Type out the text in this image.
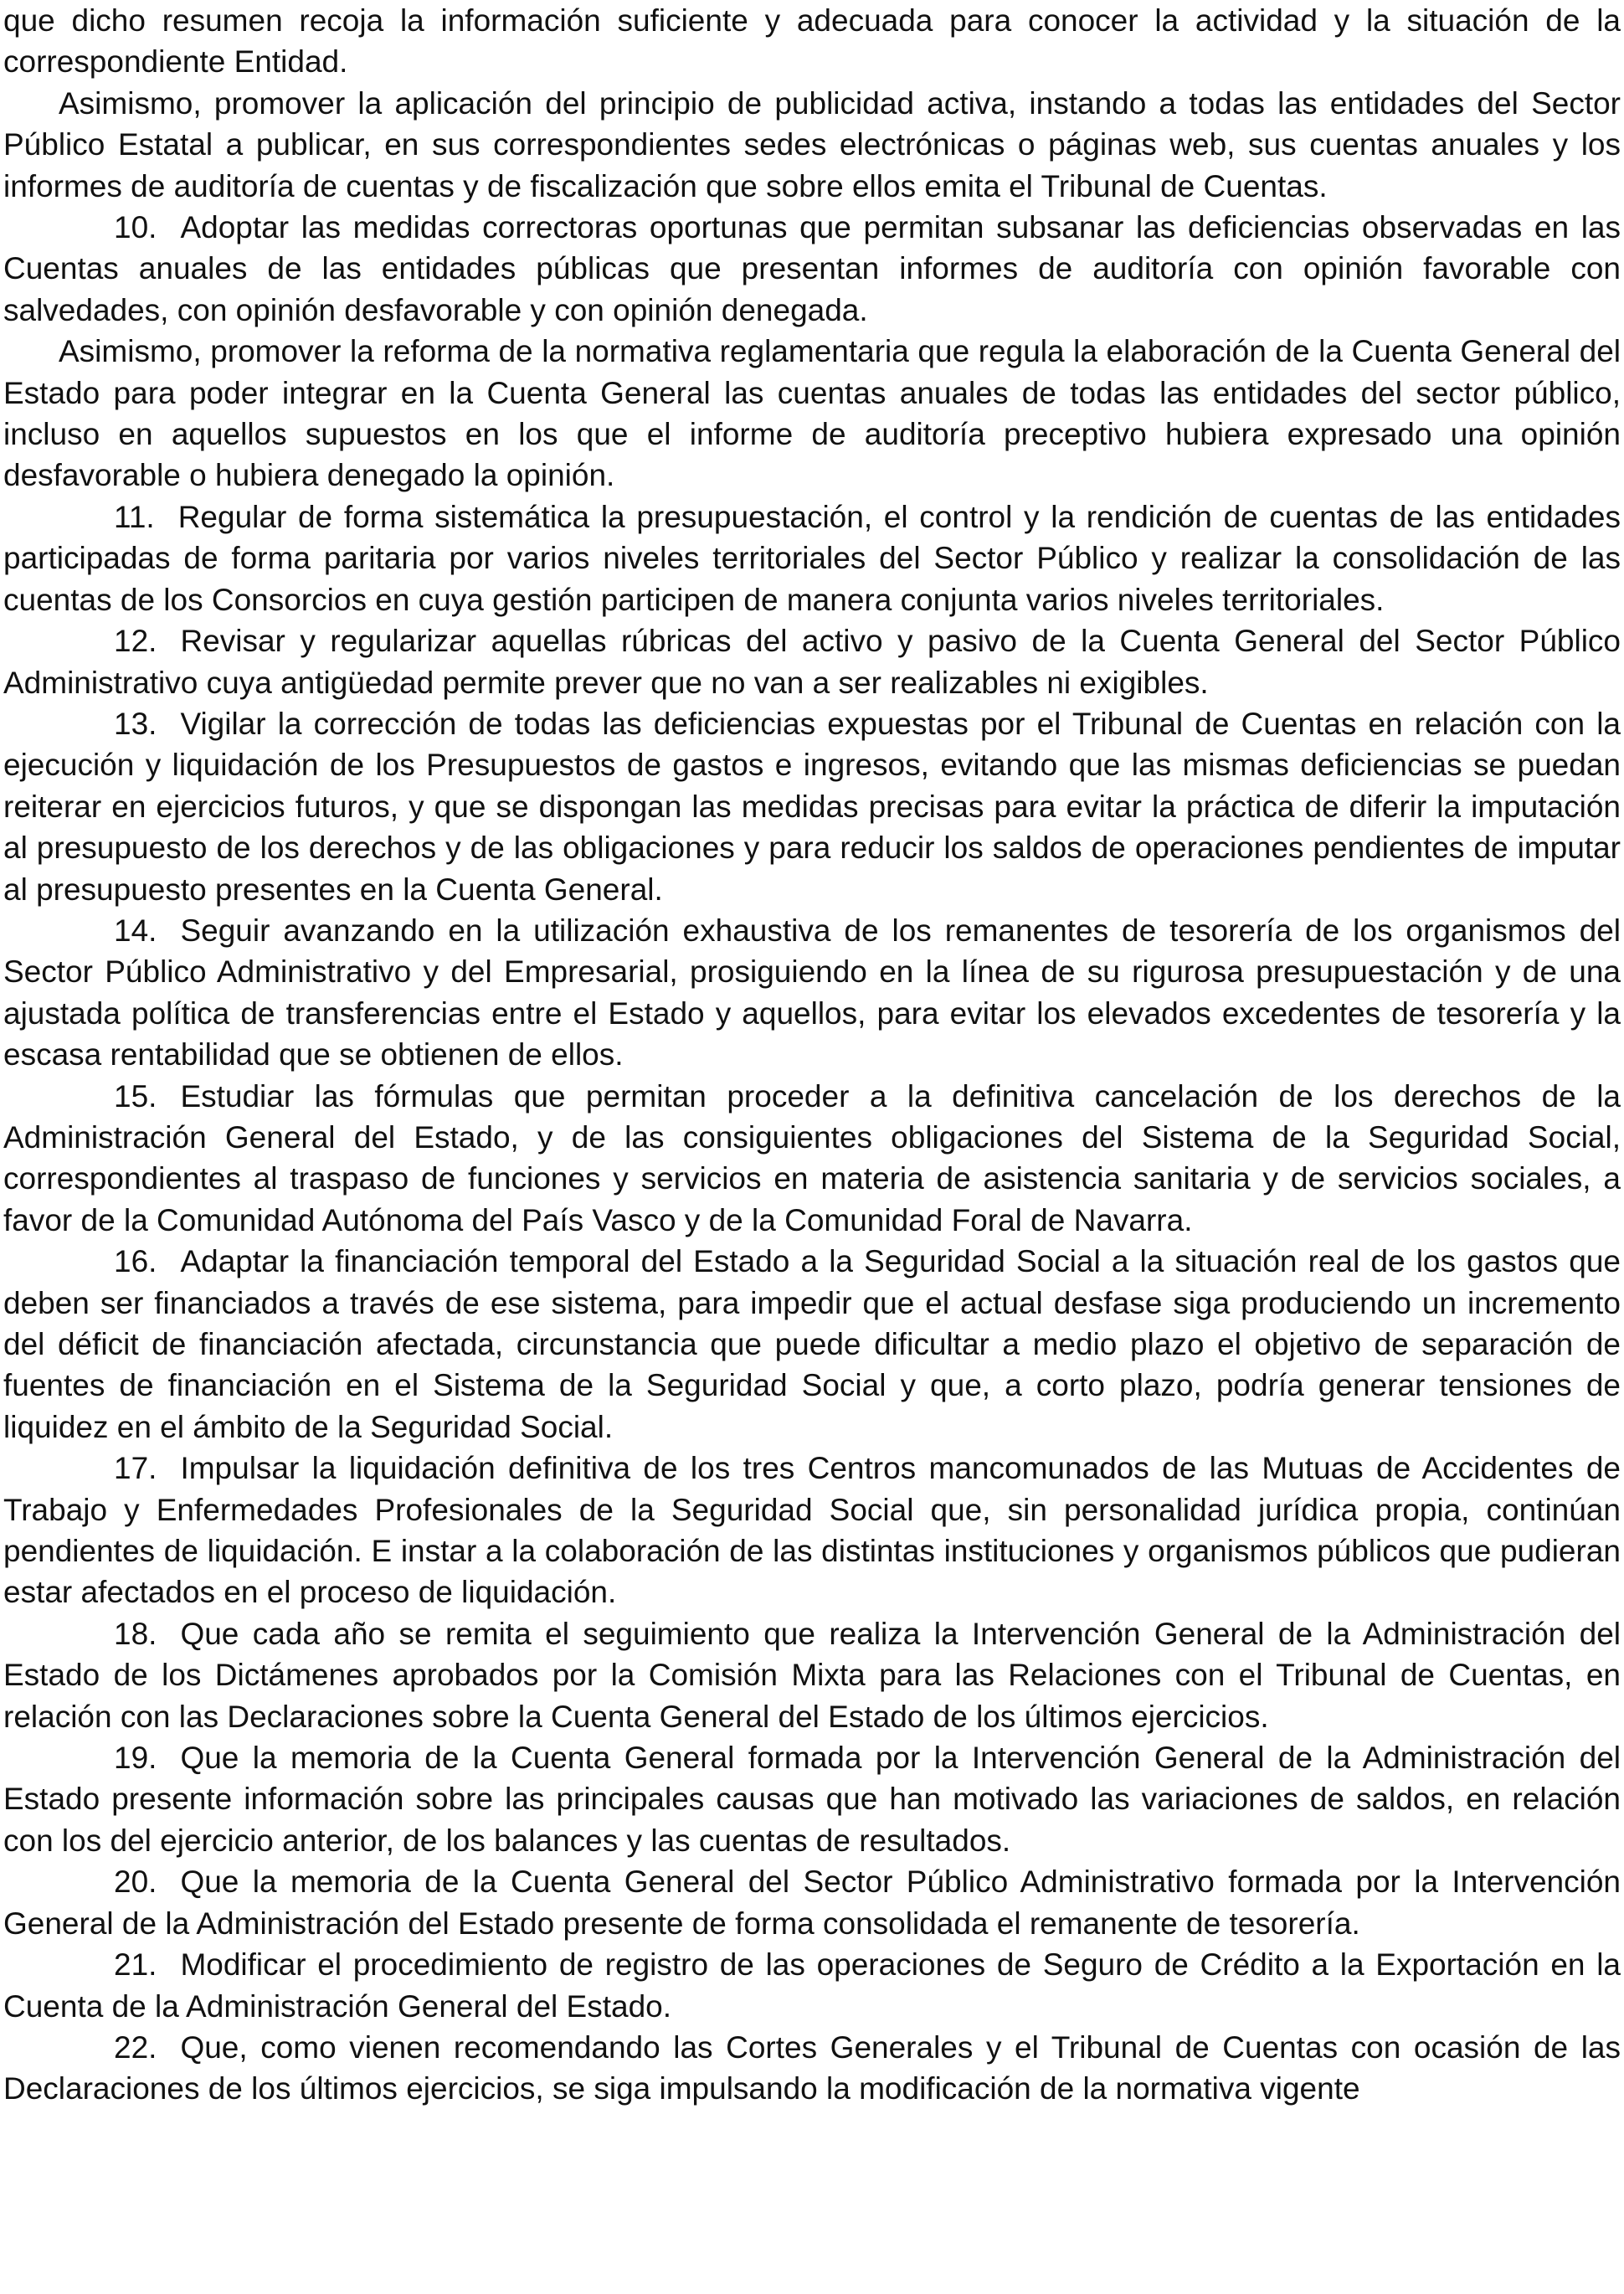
que dicho resumen recoja la información suficiente y adecuada para conocer la actividad y la situación de la correspondiente Entidad.

Asimismo, promover la aplicación del principio de publicidad activa, instando a todas las entidades del Sector Público Estatal a publicar, en sus correspondientes sedes electrónicas o páginas web, sus cuentas anuales y los informes de auditoría de cuentas y de fiscalización que sobre ellos emita el Tribunal de Cuentas.

10. Adoptar las medidas correctoras oportunas que permitan subsanar las deficiencias observadas en las Cuentas anuales de las entidades públicas que presentan informes de auditoría con opinión favorable con salvedades, con opinión desfavorable y con opinión denegada.

Asimismo, promover la reforma de la normativa reglamentaria que regula la elaboración de la Cuenta General del Estado para poder integrar en la Cuenta General las cuentas anuales de todas las entidades del sector público, incluso en aquellos supuestos en los que el informe de auditoría preceptivo hubiera expresado una opinión desfavorable o hubiera denegado la opinión.

11. Regular de forma sistemática la presupuestación, el control y la rendición de cuentas de las entidades participadas de forma paritaria por varios niveles territoriales del Sector Público y realizar la consolidación de las cuentas de los Consorcios en cuya gestión participen de manera conjunta varios niveles territoriales.

12. Revisar y regularizar aquellas rúbricas del activo y pasivo de la Cuenta General del Sector Público Administrativo cuya antigüedad permite prever que no van a ser realizables ni exigibles.

13. Vigilar la corrección de todas las deficiencias expuestas por el Tribunal de Cuentas en relación con la ejecución y liquidación de los Presupuestos de gastos e ingresos, evitando que las mismas deficiencias se puedan reiterar en ejercicios futuros, y que se dispongan las medidas precisas para evitar la práctica de diferir la imputación al presupuesto de los derechos y de las obligaciones y para reducir los saldos de operaciones pendientes de imputar al presupuesto presentes en la Cuenta General.

14. Seguir avanzando en la utilización exhaustiva de los remanentes de tesorería de los organismos del Sector Público Administrativo y del Empresarial, prosiguiendo en la línea de su rigurosa presupuestación y de una ajustada política de transferencias entre el Estado y aquellos, para evitar los elevados excedentes de tesorería y la escasa rentabilidad que se obtienen de ellos.

15. Estudiar las fórmulas que permitan proceder a la definitiva cancelación de los derechos de la Administración General del Estado, y de las consiguientes obligaciones del Sistema de la Seguridad Social, correspondientes al traspaso de funciones y servicios en materia de asistencia sanitaria y de servicios sociales, a favor de la Comunidad Autónoma del País Vasco y de la Comunidad Foral de Navarra.

16. Adaptar la financiación temporal del Estado a la Seguridad Social a la situación real de los gastos que deben ser financiados a través de ese sistema, para impedir que el actual desfase siga produciendo un incremento del déficit de financiación afectada, circunstancia que puede dificultar a medio plazo el objetivo de separación de fuentes de financiación en el Sistema de la Seguridad Social y que, a corto plazo, podría generar tensiones de liquidez en el ámbito de la Seguridad Social.

17. Impulsar la liquidación definitiva de los tres Centros mancomunados de las Mutuas de Accidentes de Trabajo y Enfermedades Profesionales de la Seguridad Social que, sin personalidad jurídica propia, continúan pendientes de liquidación. E instar a la colaboración de las distintas instituciones y organismos públicos que pudieran estar afectados en el proceso de liquidación.

18. Que cada año se remita el seguimiento que realiza la Intervención General de la Administración del Estado de los Dictámenes aprobados por la Comisión Mixta para las Relaciones con el Tribunal de Cuentas, en relación con las Declaraciones sobre la Cuenta General del Estado de los últimos ejercicios.

19. Que la memoria de la Cuenta General formada por la Intervención General de la Administración del Estado presente información sobre las principales causas que han motivado las variaciones de saldos, en relación con los del ejercicio anterior, de los balances y las cuentas de resultados.

20. Que la memoria de la Cuenta General del Sector Público Administrativo formada por la Intervención General de la Administración del Estado presente de forma consolidada el remanente de tesorería.

21. Modificar el procedimiento de registro de las operaciones de Seguro de Crédito a la Exportación en la Cuenta de la Administración General del Estado.

22. Que, como vienen recomendando las Cortes Generales y el Tribunal de Cuentas con ocasión de las Declaraciones de los últimos ejercicios, se siga impulsando la modificación de la normativa vigente
